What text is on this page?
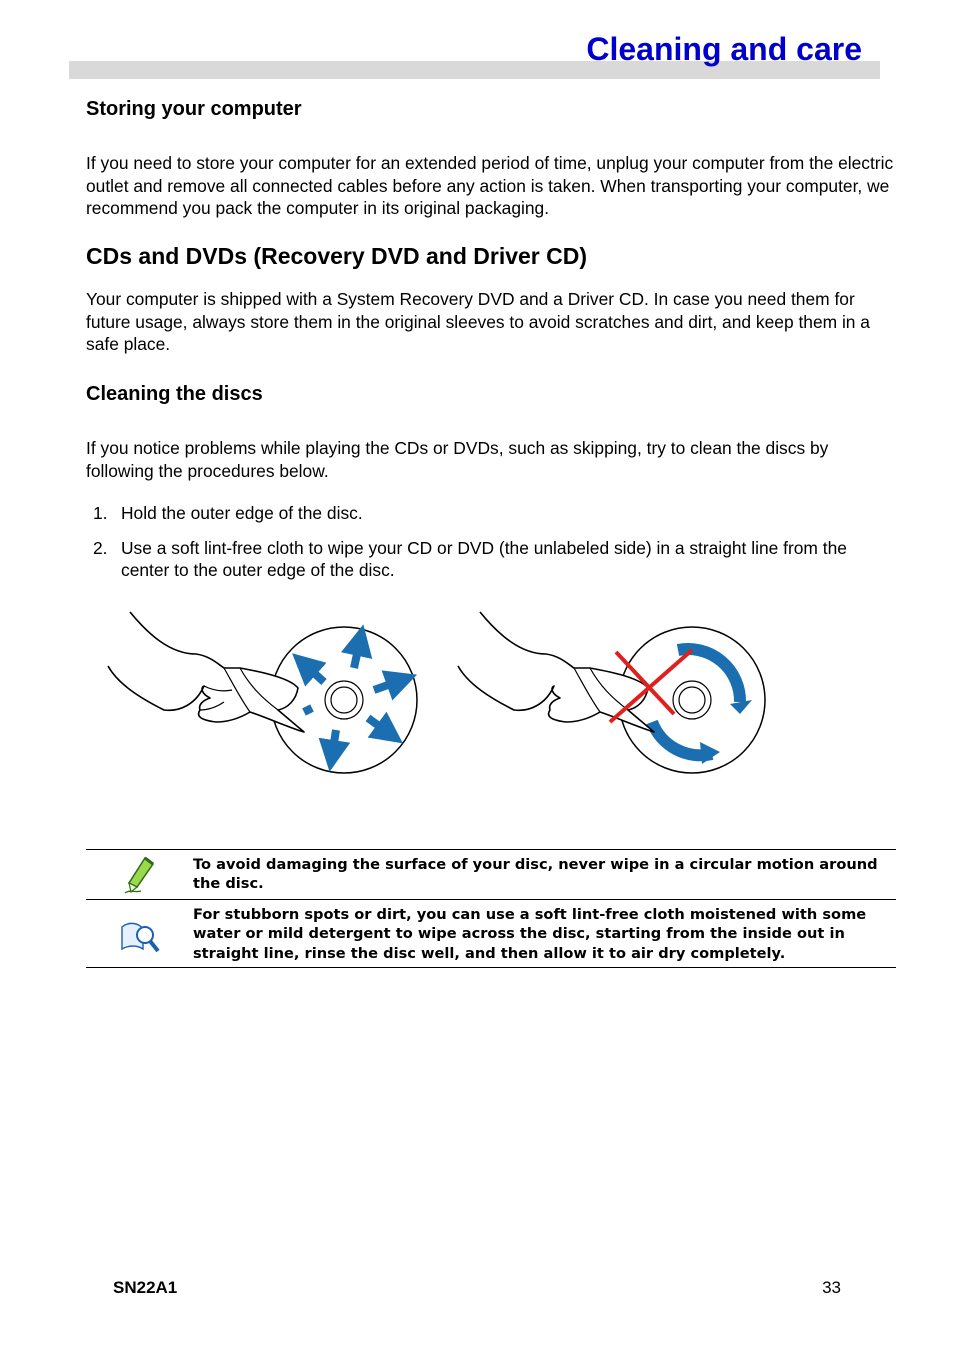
Cleaning and care
Storing your computer

If you need to store your computer for an extended period of time, unplug your computer from the electric outlet and remove all connected cables before any action is taken. When transporting your computer, we recommend you pack the computer in its original packaging.

CDs and DVDs (Recovery DVD and Driver CD)

Your computer is shipped with a System Recovery DVD and a Driver CD. In case you need them for future usage, always store them in the original sleeves to avoid scratches and dirt, and keep them in a safe place.

Cleaning the discs

If you notice problems while playing the CDs or DVDs, such as skipping, try to clean the discs by following the procedures below.

1. Hold the outer edge of the disc.
2. Use a soft lint-free cloth to wipe your CD or DVD (the unlabeled side) in a straight line from the center to the outer edge of the disc.
To avoid damaging the surface of your disc, never wipe in a circular motion around the disc.
For stubborn spots or dirt, you can use a soft lint-free cloth moistened with some water or mild detergent to wipe across the disc, starting from the inside out in straight line, rinse the disc well, and then allow it to air dry completely.
SN22A1	33
